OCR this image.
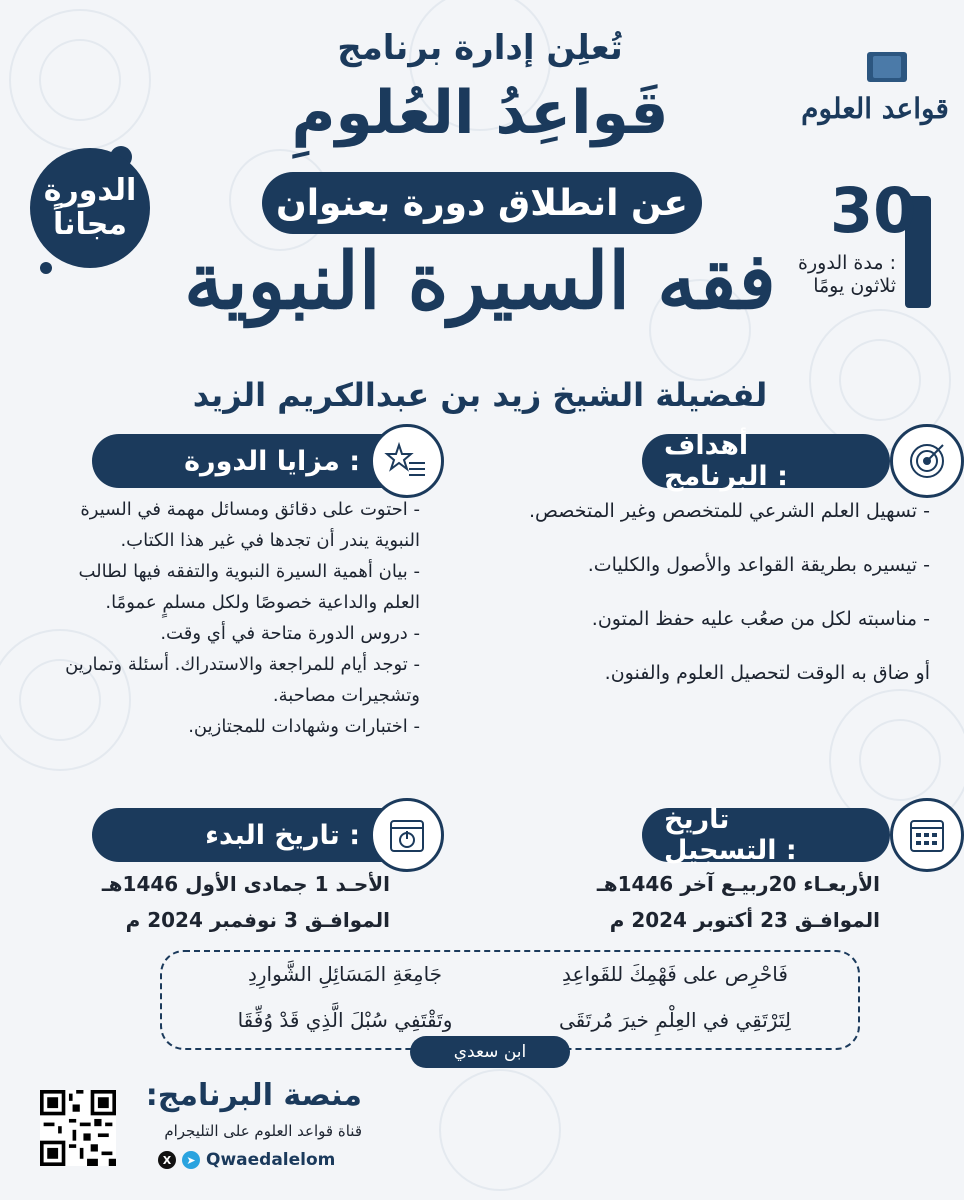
قواعد العلوم
تُعلِن إدارة برنامج
قَواعِدُ العُلومِ
عن انطلاق دورة بعنوان
فقه السيرة النبوية
لفضيلة الشيخ زيد بن عبدالكريم الزيد
الدورة
مجاناً	30
مدة الدورة :
ثلاثون يومًا
مزايا الدورة :
- احتوت على دقائق ومسائل مهمة في السيرة النبوية يندر أن تجدها في غير هذا الكتاب.
- بيان أهمية السيرة النبوية والتفقه فيها لطالب العلم والداعية خصوصًا ولكل مسلمٍ عمومًا.
- دروس الدورة متاحة في أي وقت.
- توجد أيام للمراجعة والاستدراك. أسئلة وتمارين وتشجيرات مصاحبة.
- اختبارات وشهادات للمجتازين.
أهداف البرنامج :
- تسهيل العلم الشرعي للمتخصص وغير المتخصص.
- تيسيره بطريقة القواعد والأصول والكليات.
- مناسبته لكل من صعُب عليه حفظ المتون.
أو ضاق به الوقت لتحصيل العلوم والفنون.
تاريخ البدء :
الأحـد 1 جمادى الأول 1446هـ
الموافـق 3 نوفمبر 2024 م
تاريخ التسجيل :
الأربعـاء 20ربيـع آخر 1446هـ
الموافـق 23 أكتوبر 2024 م
فَاحْرِص على فَهْمِكَ للقَواعِدِ
جَامِعَةِ المَسَائِلِ الشَّوارِدِ
لِتَرْتَقِي في العِلْمِ خيرَ مُرتَقَى
وتَقْتَفِي سُبْلَ الَّذِي قَدْ وُفِّقَا
ابن سعدي
منصة البرنامج:
قناة قواعد العلوم على التليجرام
X	➤ Qwaedalelom
